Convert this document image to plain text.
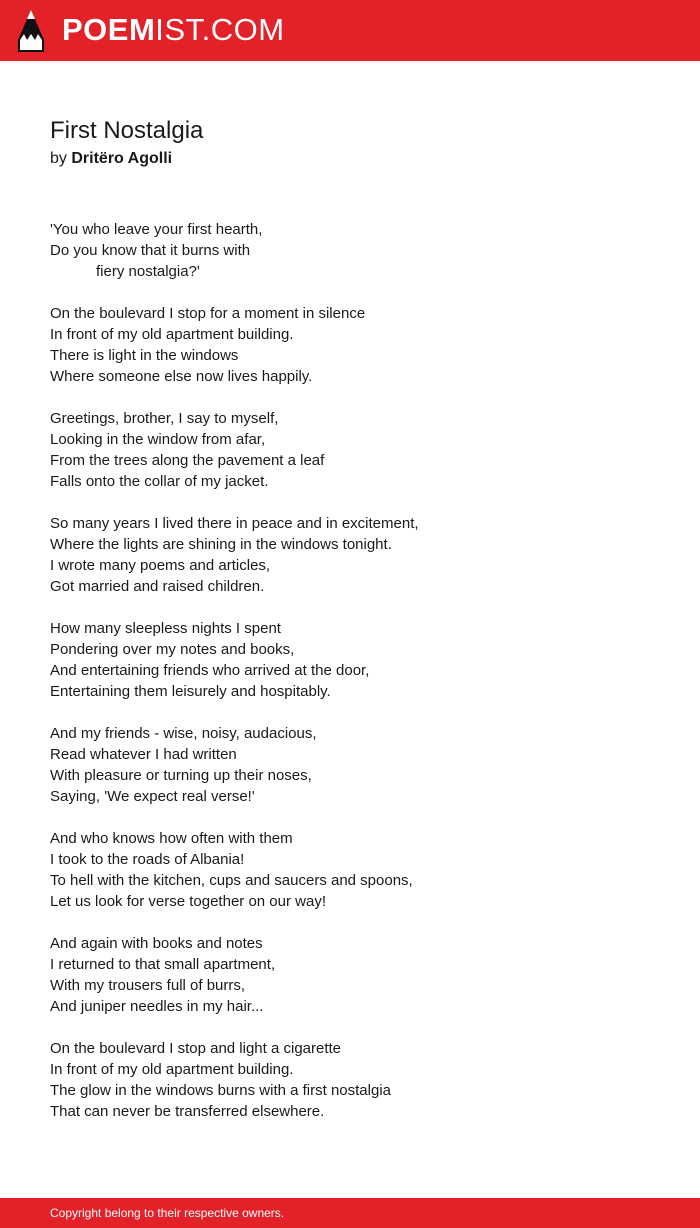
POEMIST.COM
First Nostalgia
by Dritëro Agolli
'You who leave your first hearth,
Do you know that it burns with
fiery nostalgia?'
On the boulevard I stop for a moment in silence
In front of my old apartment building.
There is light in the windows
Where someone else now lives happily.
Greetings, brother, I say to myself,
Looking in the window from afar,
From the trees along the pavement a leaf
Falls onto the collar of my jacket.
So many years I lived there in peace and in excitement,
Where the lights are shining in the windows tonight.
I wrote many poems and articles,
Got married and raised children.
How many sleepless nights I spent
Pondering over my notes and books,
And entertaining friends who arrived at the door,
Entertaining them leisurely and hospitably.
And my friends - wise, noisy, audacious,
Read whatever I had written
With pleasure or turning up their noses,
Saying, 'We expect real verse!'
And who knows how often with them
I took to the roads of Albania!
To hell with the kitchen, cups and saucers and spoons,
Let us look for verse together on our way!
And again with books and notes
I returned to that small apartment,
With my trousers full of burrs,
And juniper needles in my hair...
On the boulevard I stop and light a cigarette
In front of my old apartment building.
The glow in the windows burns with a first nostalgia
That can never be transferred elsewhere.
Copyright belong to their respective owners.
